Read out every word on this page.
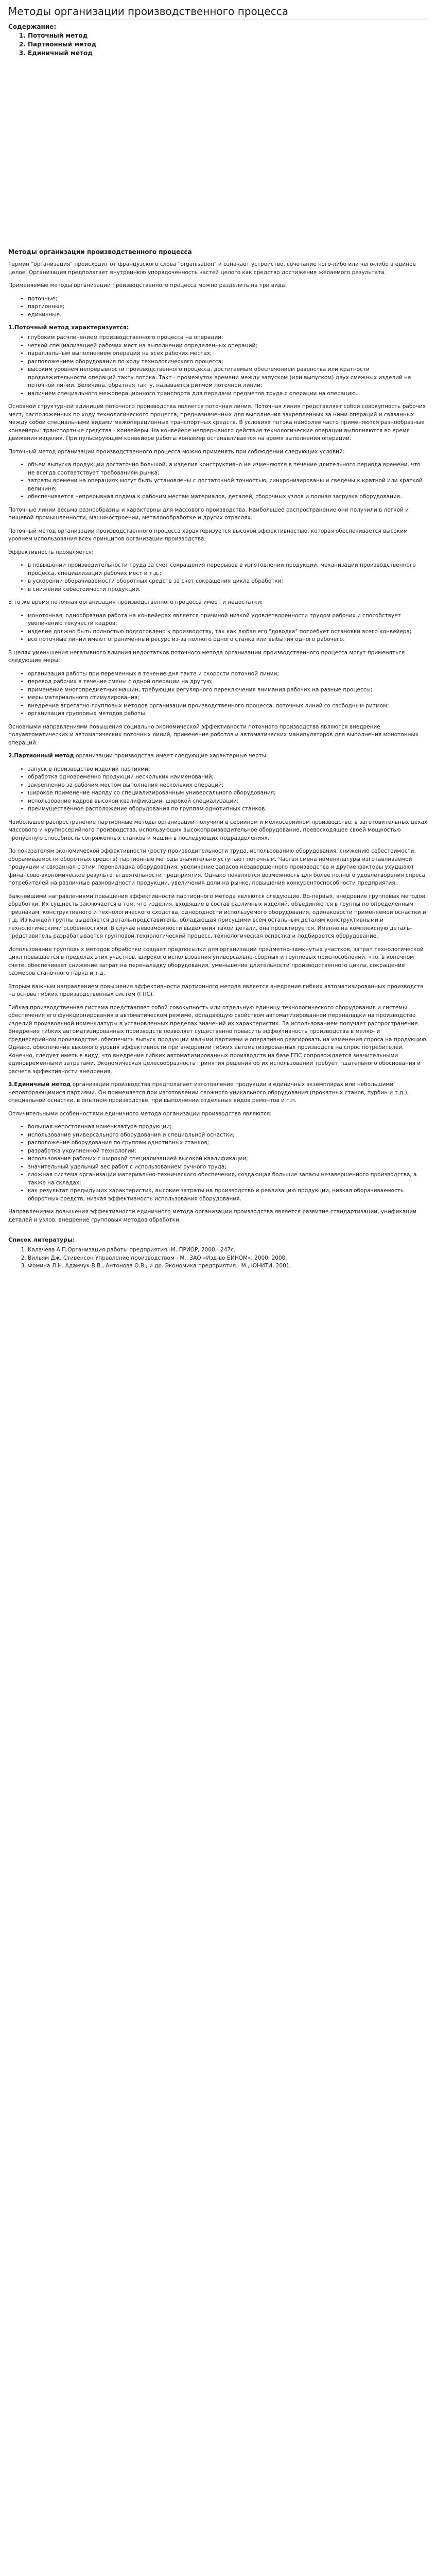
Методы организации производственного процесса
Содержание:
1. Поточный метод
2. Партионный метод
3. Единичный метод
Методы организации производственного процесса

Термин "организация" происходит от французского слова "organisation" и означает устройство, сочетание кого-либо или чего-либо в единое целое. Организация предполагает внутреннюю упорядоченность частей целого как средство достижения желаемого результата.

Применяемые методы организации производственного процесса можно разделить на три вида:

• поточные;
• партионные;
• единичные.
1.Поточный метод характеризуется:
• глубоким расчленением производственного процесса на операции;
• четкой специализацией рабочих мест на выполнении определенных операций;
• параллельным выполнением операций на всех рабочих местах;
• расположением оборудования по ходу технологического процесса;
• высоким уровнем непрерывности производственного процесса, достигаемым обеспечением равенства или кратности продолжительности операций такту потока. Такт - промежуток времени между запуском (или выпуском) двух смежных изделий на поточной линии. Величина, обратная такту, называется ритмом поточной линии;
• наличием специального межоперационного транспорта для передачи предметов труда с операции на операцию.

Основной структурной единицей поточного производства является поточная линия. Поточная линия представляет собой совокупность рабочих мест, расположенных по ходу технологического процесса, предназначенных для выполнения закрепленных за ними операций и связанных между собой специальными видами межоперационных транспортных средств. В условиях потока наиболее часто применяются разнообразные конвейеры: транспортные средства - конвейеры. На конвейере непрерывного действия технологические операции выполняются во время движения изделия. При пульсирующем конвейере работы конвейер останавливается на время выполнения операций.

Поточный метод организации производственного процесса можно применять при соблюдении следующих условий:

• объем выпуска продукции достаточно большой, а изделия конструктивно не изменяются в течение длительного периода времени, что не всегда соответствует требованиям рынка;
• затраты времени на операциях могут быть установлены с достаточной точностью, синхронизированы и сведены к кратной или краткой величине;
• обеспечивается непрерывная подача к рабочим местам материалов, деталей, сборочных узлов и полная загрузка оборудования.

Поточные линии весьма разнообразны и характерны для массового производства. Наибольшее распространение они получили в легкой и пищевой промышленности, машиностроении, металлообработке и других отраслях.

Поточный метод организации производственного процесса характеризуется высокой эффективностью, которая обеспечивается высоким уровнем использования всех принципов организации производства.

Эффективность проявляется:

• в повышении производительности труда за счет сокращения перерывов в изготовлении продукции, механизации производственного процесса, специализации рабочих мест и т.д.;
• в ускорении оборачиваемости оборотных средств за счет сокращения цикла обработки;
• в снижении себестоимости продукции.

В то же время поточная организация производственного процесса имеет и недостатки:

• монотонная, однообразная работа на конвейерах является причиной низкой удовлетворенности трудом рабочих и способствует увеличению текучести кадров;
• изделие должно быть полностью подготовлено к производству, так как любая его "доводка" потребует остановки всего конвейера;
• все поточные линии имеют ограниченный ресурс из-за полного одного станка или выбытия одного рабочего.

В целях уменьшения негативного влияния недостатков поточного метода организации производственного процесса могут применяться следующие меры:

• организация работы при переменных в течение дня такте и скорости поточной линии;
• перевод рабочих в течение смены с одной операции на другую;
• применение многопредметных машин, требующих регулярного переключения внимания рабочих на разные процессы;
• меры материального стимулирования;
• внедрение агрегатно-групповых методов организации производственного процесса, поточных линий со свободным ритмом;
• организация групповых методов работы.

Основными направлениями повышения социально-экономической эффективности поточного производства являются внедрение полуавтоматических и автоматических поточных линий, применение роботов и автоматических манипуляторов для выполнения монотонных операций.

2.Партионный метод организации производства имеет следующие характерные черты:

• запуск в производство изделий партиями;
• обработка одновременно продукции нескольких наименований;
• закрепление за рабочим местом выполнения нескольких операций;
• широкое применение наряду со специализированным универсального оборудования;
• использование кадров высокой квалификации, широкой специализации;
• преимущественное расположение оборудования по группам однотипных станков.

Наибольшее распространение партионные методы организации получили в серийном и мелкосерийном производстве, в заготовительных цехах массового и крупносерийного производства, использующих высокопроизводительное оборудование, превосходящее своей мощностью пропускную способность сопряженных станков и машин в последующих подразделениях.

По показателям экономической эффективности (росту производительности труда, использованию оборудования, снижению себестоимости, оборачиваемости оборотных средств) партионные методы значительно уступают поточным. Частая смена номенклатуры изготавливаемой продукции и связанная с этим переналадка оборудования, увеличение запасов незавершенного производства и другие факторы ухудшают финансово-экономическое результаты деятельности предприятия. Однако появляется возможность для более полного удовлетворения спроса потребителей на различные разновидности продукции, увеличения доли на рынке, повышения конкурентоспособности предприятия.

Важнейшими направлениями повышения эффективности партионного метода являются следующие. Во-первых, внедрение групповых методов обработки. Их сущность заключается в том, что изделия, входящие в состав различных изделий, объединяются в группы по определенным признакам: конструктивного и технологического сходства, однородности используемого оборудования, одинаковости применяемой оснастки и т.д. Из каждой группы выделяется деталь-представитель, обладающая присущими всем остальным деталям конструктивными и технологическими особенностями. В случае невозможности выделения такой детали, она проектируется. Именно на комплексную деталь-представитель разрабатывается групповой технологический процесс, технологическая оснастка и подбирается оборудование.

Использование групповых методов обработки создает предпосылки для организации предметно-замкнутых участков, затрат технологической цикл повышается в пределах этих участков, широкого использования универсально-сборных и групповых приспособлений, что, в конечном счете, обеспечивает снижение затрат на переналадку оборудования, уменьшение длительности производственного цикла, сокращение размеров станочного парка и т.д.

Вторым важным направлением повышения эффективности партионного метода является внедрение гибких автоматизированных производств на основе гибких производственных систем (ГПС).

Гибкая производственная система представляет собой совокупность или отдельную единицу технологического оборудования и системы обеспечения его функционирования в автоматическом режиме, обладающую свойством автоматизированной переналадки на производство изделий произвольной номенклатуры в установленных пределах значений их характеристик. За использованием получает распространение. Внедрение гибких автоматизированных производств позволяет существенно повысить эффективность производства в мелко- и среднесерийном производстве, обеспечить выпуск продукции малыми партиями и оперативно реагировать на изменения спроса на продукцию. Однако, обеспечение высокого уровня эффективности при внедрении гибких автоматизированных производств на спрос потребителей. Конечно, следует иметь в виду, что внедрение гибких автоматизированных производств на базе ГПС сопровождается значительными единовременными затратами. Экономическая целесообразность принятия решения об их использовании требует тщательного обоснования и расчета эффективности внедрения.

3.Единичный метод организации производства предполагает изготовление продукции в единичных экземплярах или небольшими неповторяющимися партиями. Он применяется при изготовлении сложного уникального оборудования (прокатных станов, турбин и т.д.), специальной оснастки, в опытном производстве, при выполнении отдельных видов ремонтов и т.п.

Отличительными особенностями единичного метода организации производства являются:

• большая непостоянная номенклатура продукции;
• использование универсального оборудования и специальной оснастки;
• расположение оборудования по группам однотипных станков;
• разработка укрупненной технологии;
• использование рабочих с широкой специализацией высокой квалификации;
• значительный удельный вес работ с использованием ручного труда;
• сложная система организации материально-технического обеспечения, создающая большие запасы незавершенного производства, а также на складах;
• как результат предыдущих характеристик, высокие затраты на производство и реализацию продукции, низкая оборачиваемость оборотных средств, низкая эффективность использования оборудования.

Направлениями повышения эффективности единичного метода организации производства является развитие стандартизации, унификации деталей и узлов, внедрение групповых методов обработки.

Список литературы:
1. Калачева А.П.Организация работы предприятия.-М.:ПРИОР, 2000.- 247с.
2. Вильям Дж. Стивенсон Управление производством - М., ЗАО «Изд-во БИНОМ», 2000, 2000.
3. Фомина Л.Н. Адамчук В.В., Антонова О.В., и др. Экономика предприятия.- М., ЮНИТИ, 2001.
